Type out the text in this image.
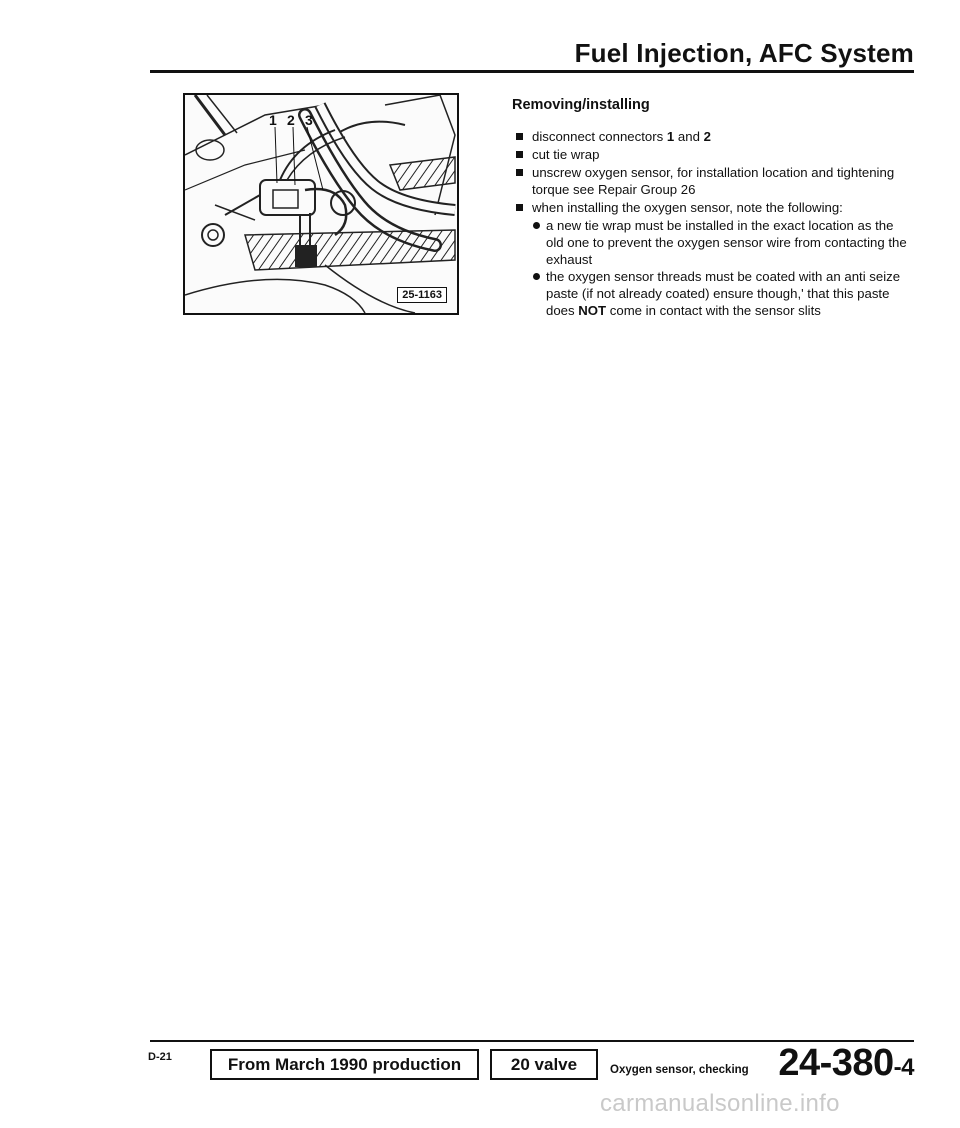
Fuel Injection, AFC System
1 2 3
25-1163
Removing/installing
disconnect connectors 1 and 2
cut tie wrap
unscrew oxygen sensor, for installation location and tightening torque see Repair Group 26
when installing the oxygen sensor, note the following:
a new tie wrap must be installed in the exact location as the old one to prevent the oxygen sensor wire from contacting the exhaust
the oxygen sensor threads must be coated with an anti seize paste (if not already coated) ensure though,' that this paste does NOT come in contact with the sensor slits
D-21	From March 1990 production	20 valve	Oxygen sensor, checking 24-380-4
carmanualsonline.info
